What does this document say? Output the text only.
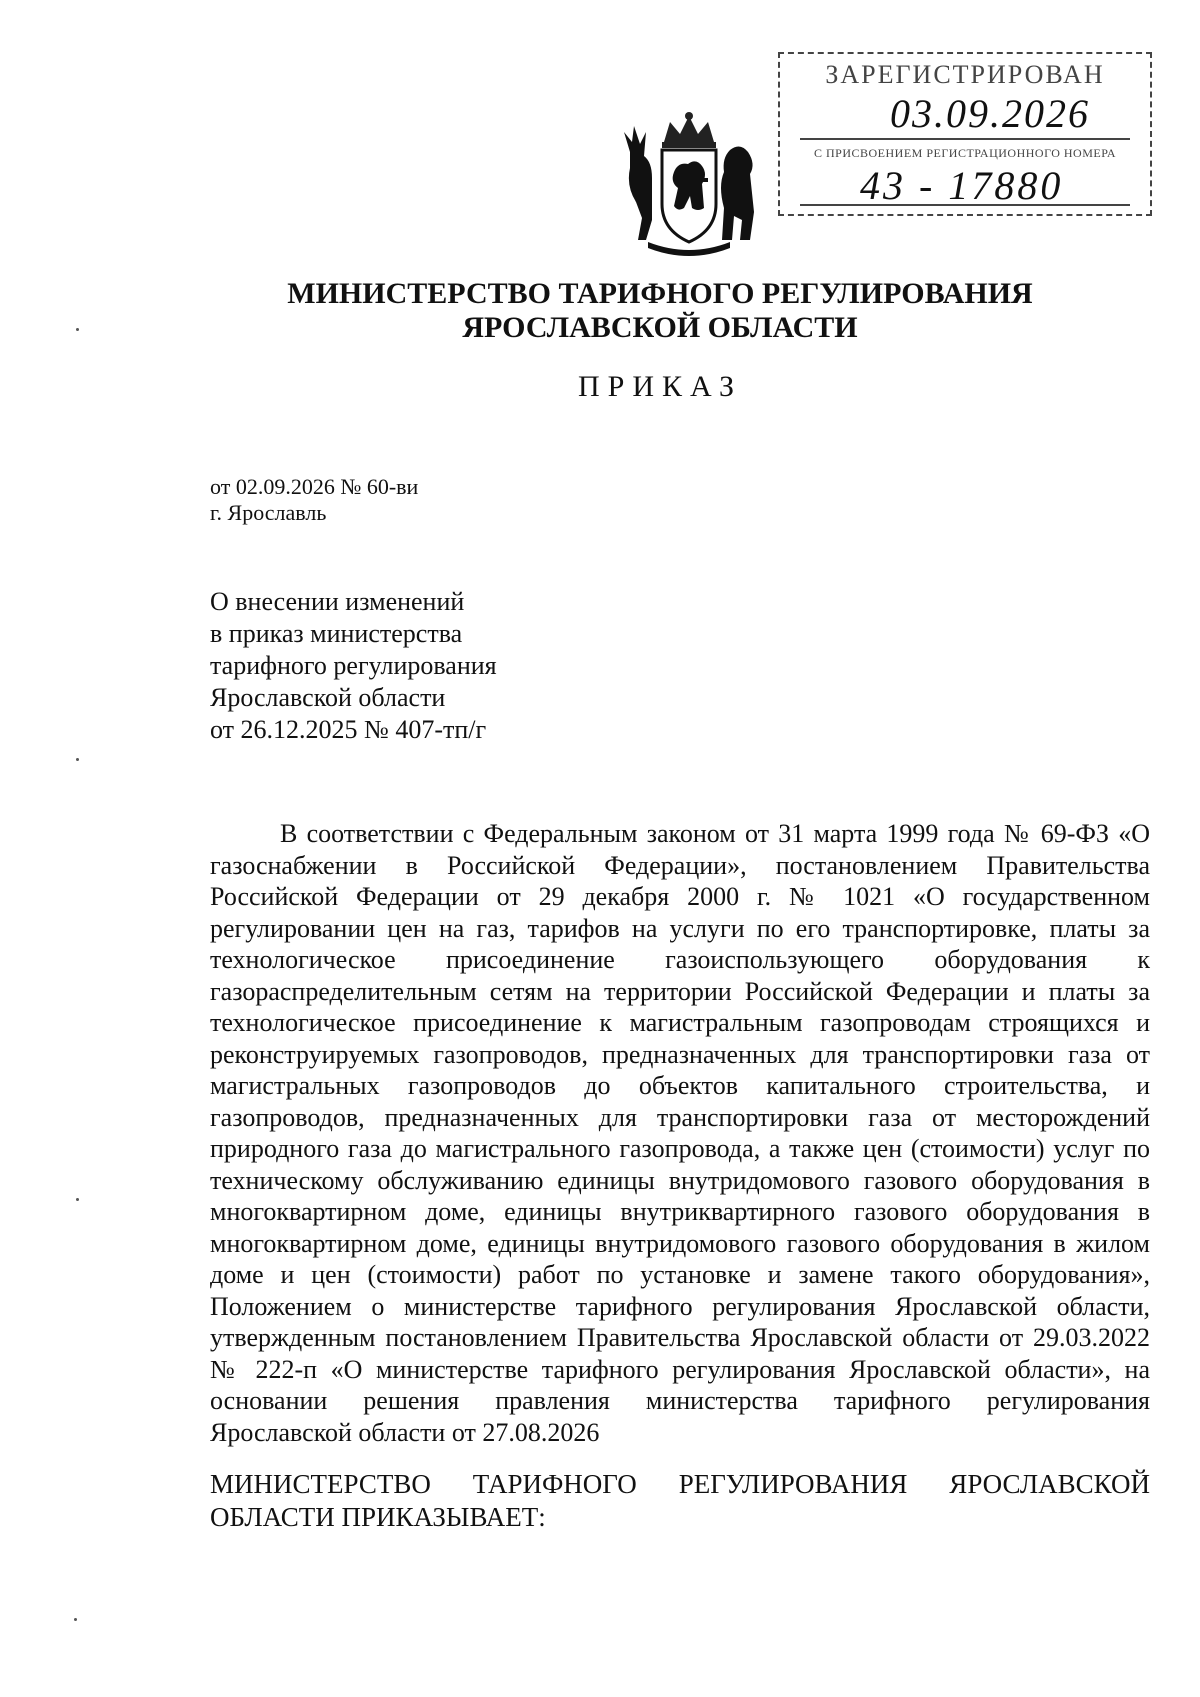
ЗАРЕГИСТРИРОВАН
03.09.2026
С ПРИСВОЕНИЕМ РЕГИСТРАЦИОННОГО НОМЕРА
43 - 17880
МИНИСТЕРСТВО ТАРИФНОГО РЕГУЛИРОВАНИЯ
ЯРОСЛАВСКОЙ ОБЛАСТИ
ПРИКАЗ
от 02.09.2026 № 60-ви
г. Ярославль
О внесении изменений
в приказ министерства
тарифного регулирования
Ярославской области
от 26.12.2025 № 407-тп/г
В соответствии с Федеральным законом от 31 марта 1999 года № 69-ФЗ «О газоснабжении в Российской Федерации», постановлением Правительства Российской Федерации от 29 декабря 2000 г. № 1021 «О государственном регулировании цен на газ, тарифов на услуги по его транспортировке, платы за технологическое присоединение газоиспользующего оборудования к газораспределительным сетям на территории Российской Федерации и платы за технологическое присоединение к магистральным газопроводам строящихся и реконструируемых газопроводов, предназначенных для транспортировки газа от магистральных газопроводов до объектов капитального строительства, и газопроводов, предназначенных для транспортировки газа от месторождений природного газа до магистрального газопровода, а также цен (стоимости) услуг по техническому обслуживанию единицы внутридомового газового оборудования в многоквартирном доме, единицы внутриквартирного газового оборудования в многоквартирном доме, единицы внутридомового газового оборудования в жилом доме и цен (стоимости) работ по установке и замене такого оборудования», Положением о министерстве тарифного регулирования Ярославской области, утвержденным постановлением Правительства Ярославской области от 29.03.2022 № 222-п «О министерстве тарифного регулирования Ярославской области», на основании решения правления министерства тарифного регулирования Ярославской области от 27.08.2026
МИНИСТЕРСТВО ТАРИФНОГО РЕГУЛИРОВАНИЯ ЯРОСЛАВСКОЙ ОБЛАСТИ ПРИКАЗЫВАЕТ:
